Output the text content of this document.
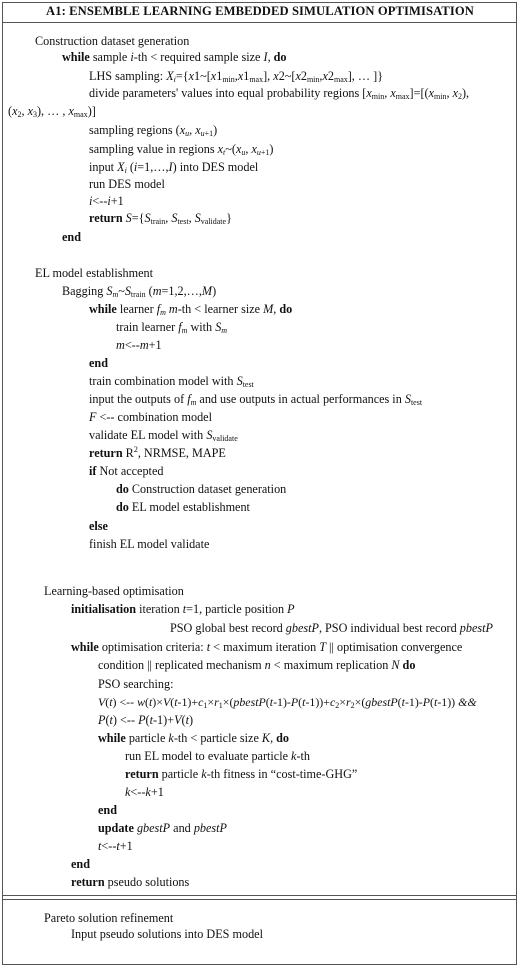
A1: ENSEMBLE LEARNING EMBEDDED SIMULATION OPTIMISATION
Construction dataset generation
while sample i-th < required sample size I, do
LHS sampling: $X_i=\{x1\sim[x1_{min},x1_{max}]$, $x2\sim[x2_{min},x2_{max}]$, … ]}
divide parameters' values into equal probability regions [$x_{min}$, $x_{max}]=[(x_{min}$, $x_2$),
($x_2$, $x_3$), … , $x_{max}$)]
sampling regions ($x_u$, $x_{u+1}$)
sampling value in regions $x_t\sim(x_u$, $x_{u+1}$)
input $X_i$ (i=1,…,I) into DES model
run DES model
i<--i+1
return $S=\{S_{train}$, $S_{test}$, $S_{validate}$}
end
EL model establishment
Bagging $S_m\sim S_{train}$ (m=1,2,…,M)
while learner $f_m$ m-th < learner size M, do
train learner $f_m$ with $S_m$
m<--m+1
end
train combination model with $S_{test}$
input the outputs of $f_m$ and use outputs in actual performances in $S_{test}$
F <-- combination model
validate EL model with $S_{validate}$
return $R^2$, NRMSE, MAPE
if Not accepted
do Construction dataset generation
do EL model establishment
else
finish EL model validate
Learning-based optimisation
initialisation iteration t=1, particle position P
PSO global best record gbestP, PSO individual best record pbestP
while optimisation criteria: t < maximum iteration T || optimisation convergence
condition || replicated mechanism n < maximum replication N do
PSO searching:
V(t) <-- $w(t)\times V(t-1)+c_1\times r_1\times(pbestP(t-1)-P(t-1))+c_2\times r_2\times(gbestP(t-1)-P(t-1))$ &&
P(t) <-- P(t-1)+V(t)
while particle k-th < particle size K, do
run EL model to evaluate particle k-th
return particle k-th fitness in “cost-time-GHG”
k<--k+1
end
update gbestP and pbestP
t<--t+1
end
return pseudo solutions
Pareto solution refinement
Input pseudo solutions into DES model
